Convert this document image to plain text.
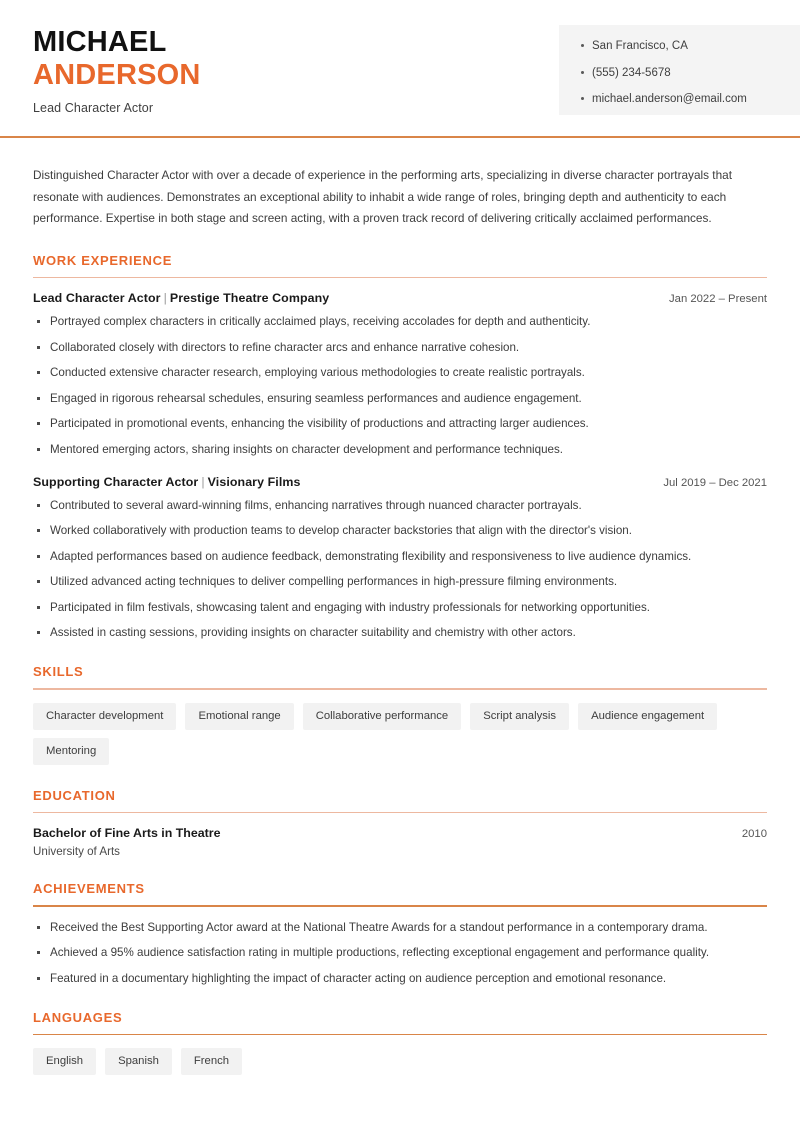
MICHAEL
ANDERSON
Lead Character Actor
San Francisco, CA
(555) 234-5678
michael.anderson@email.com
Distinguished Character Actor with over a decade of experience in the performing arts, specializing in diverse character portrayals that resonate with audiences. Demonstrates an exceptional ability to inhabit a wide range of roles, bringing depth and authenticity to each performance. Expertise in both stage and screen acting, with a proven track record of delivering critically acclaimed performances.
WORK EXPERIENCE
Lead Character Actor | Prestige Theatre Company	Jan 2022 – Present
Portrayed complex characters in critically acclaimed plays, receiving accolades for depth and authenticity.
Collaborated closely with directors to refine character arcs and enhance narrative cohesion.
Conducted extensive character research, employing various methodologies to create realistic portrayals.
Engaged in rigorous rehearsal schedules, ensuring seamless performances and audience engagement.
Participated in promotional events, enhancing the visibility of productions and attracting larger audiences.
Mentored emerging actors, sharing insights on character development and performance techniques.
Supporting Character Actor | Visionary Films	Jul 2019 – Dec 2021
Contributed to several award-winning films, enhancing narratives through nuanced character portrayals.
Worked collaboratively with production teams to develop character backstories that align with the director's vision.
Adapted performances based on audience feedback, demonstrating flexibility and responsiveness to live audience dynamics.
Utilized advanced acting techniques to deliver compelling performances in high-pressure filming environments.
Participated in film festivals, showcasing talent and engaging with industry professionals for networking opportunities.
Assisted in casting sessions, providing insights on character suitability and chemistry with other actors.
SKILLS
Character development	Emotional range	Collaborative performance	Script analysis	Audience engagement
Mentoring
EDUCATION
Bachelor of Fine Arts in Theatre	2010
University of Arts
ACHIEVEMENTS
Received the Best Supporting Actor award at the National Theatre Awards for a standout performance in a contemporary drama.
Achieved a 95% audience satisfaction rating in multiple productions, reflecting exceptional engagement and performance quality.
Featured in a documentary highlighting the impact of character acting on audience perception and emotional resonance.
LANGUAGES
English	Spanish	French
